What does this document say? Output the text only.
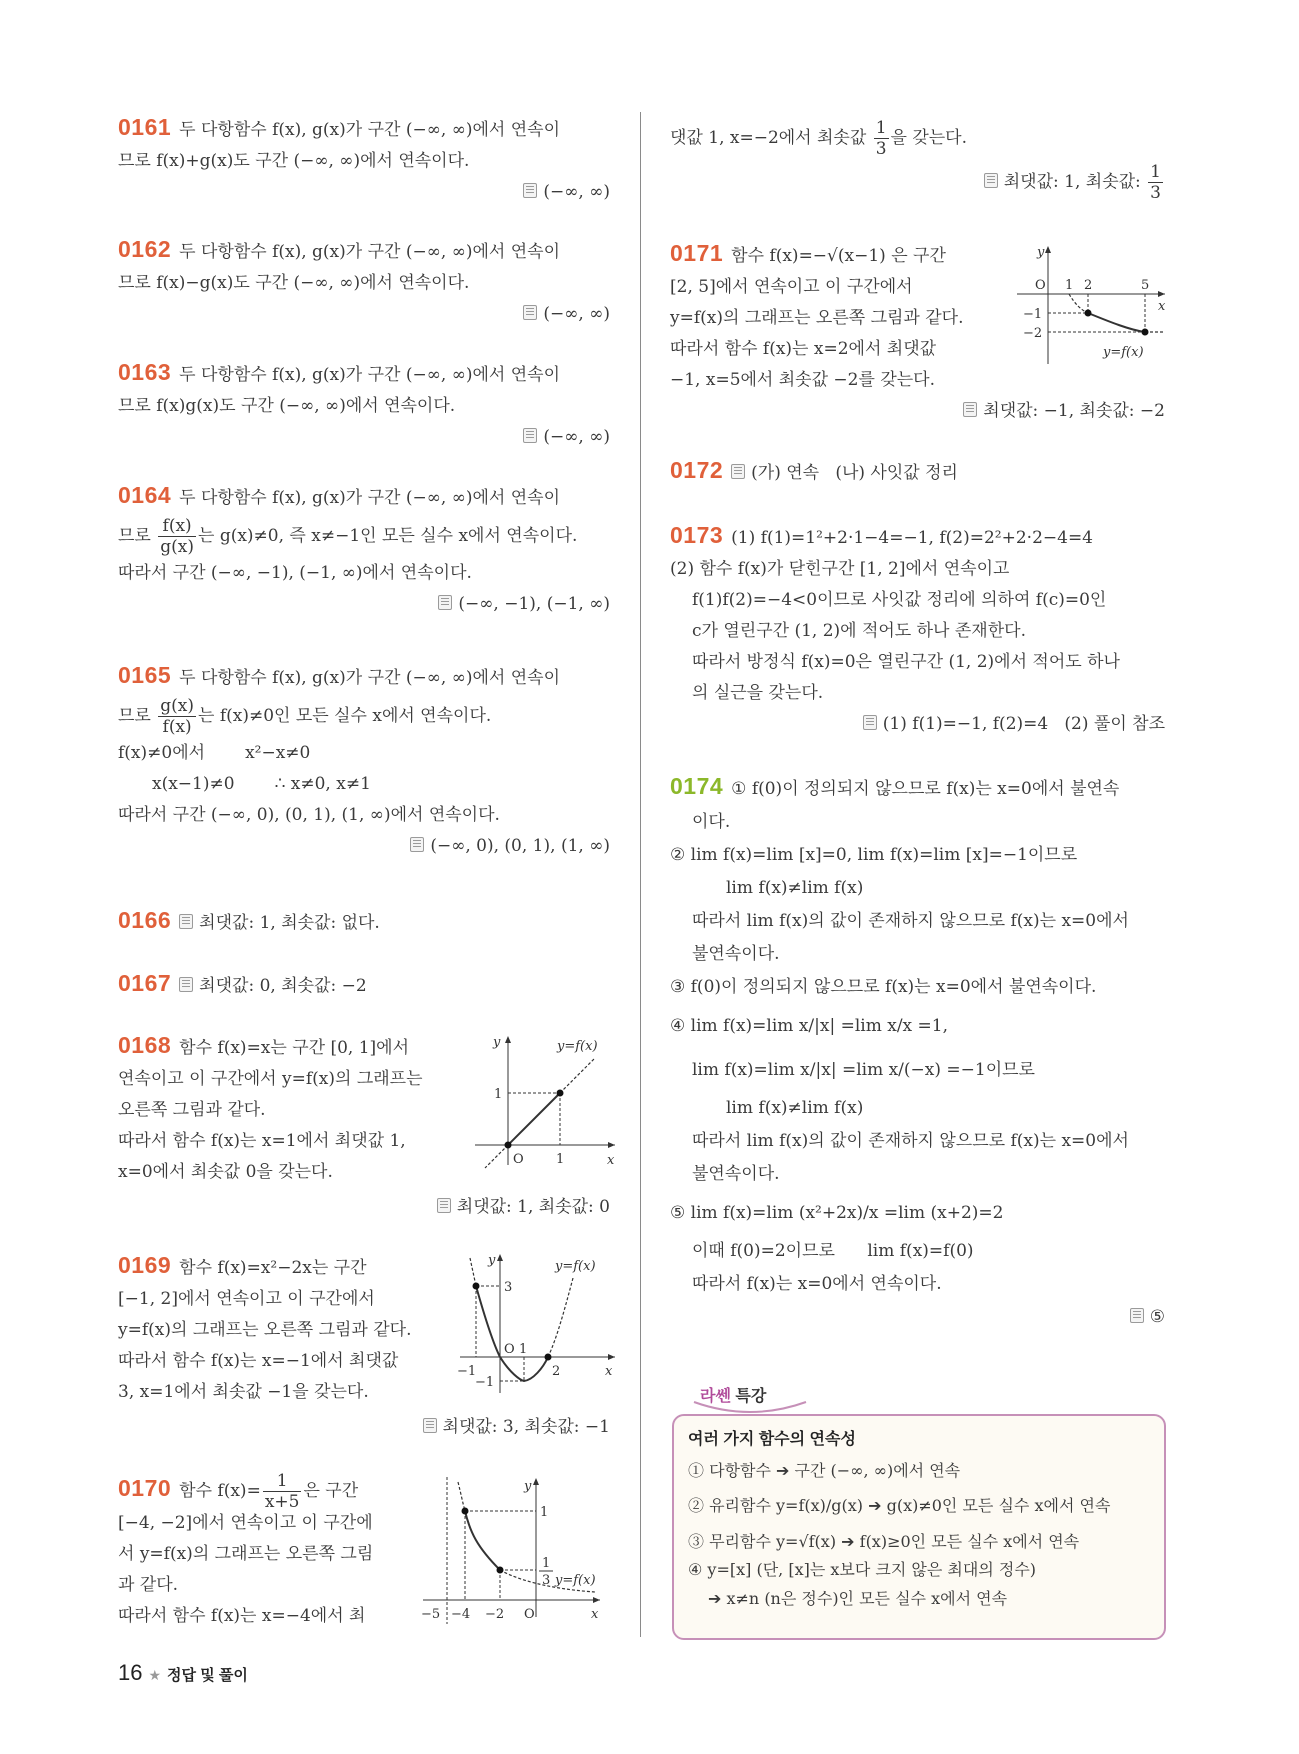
0161 두 다항함수 f(x), g(x)가 구간 (−∞, ∞)에서 연속이
므로 f(x)+g(x)도 구간 (−∞, ∞)에서 연속이다.
(−∞, ∞)
0162 두 다항함수 f(x), g(x)가 구간 (−∞, ∞)에서 연속이
므로 f(x)−g(x)도 구간 (−∞, ∞)에서 연속이다.
(−∞, ∞)
0163 두 다항함수 f(x), g(x)가 구간 (−∞, ∞)에서 연속이
므로 f(x)g(x)도 구간 (−∞, ∞)에서 연속이다.
(−∞, ∞)
0164 두 다항함수 f(x), g(x)가 구간 (−∞, ∞)에서 연속이
므로 $\frac{f(x)}{g(x)}$ 는 g(x)≠0, 즉 x≠−1인 모든 실수 x에서 연속이다.
따라서 구간 (−∞, −1), (−1, ∞)에서 연속이다.
(−∞, −1), (−1, ∞)
0165 두 다항함수 f(x), g(x)가 구간 (−∞, ∞)에서 연속이
므로 $\frac{g(x)}{f(x)}$ 는 f(x)≠0인 모든 실수 x에서 연속이다.
f(x)≠0에서 x²−x≠0
x(x−1)≠0 ∴ x≠0, x≠1
따라서 구간 (−∞, 0), (0, 1), (1, ∞)에서 연속이다.
(−∞, 0), (0, 1), (1, ∞)
0166 최댓값: 1, 최솟값: 없다.
0167 최댓값: 0, 최솟값: −2
0168 함수 f(x)=x는 구간 [0, 1]에서
연속이고 이 구간에서 y=f(x)의 그래프는
오른쪽 그림과 같다.
따라서 함수 f(x)는 x=1에서 최댓값 1,
x=0에서 최솟값 0을 갖는다.
최댓값: 1, 최솟값: 0
0169 함수 f(x)=x²−2x는 구간
[−1, 2]에서 연속이고 이 구간에서
y=f(x)의 그래프는 오른쪽 그림과 같다.
따라서 함수 f(x)는 x=−1에서 최댓값
3, x=1에서 최솟값 −1을 갖는다.
최댓값: 3, 최솟값: −1
0170 함수 $f(x)= \frac{1}{x+5}$ 은 구간
[−4, −2]에서 연속이고 이 구간에
서 y=f(x)의 그래프는 오른쪽 그림
과 같다.
따라서 함수 f(x)는 x=−4에서 최
y
x
O 1
1
y=f(x)
y
x
O
−1
1
2
3
−1
y=f(x)
y
x
O
−5 −4 −2
1
1
3 y=f(x)
댓값 1, x=−2에서 최솟값 $\frac{1}{3}$ 을 갖는다.
최댓값: 1, 최솟값: $\frac{1}{3}$
0171 함수 f(x)=−√(x−1) 은 구간
[2, 5]에서 연속이고 이 구간에서
y=f(x)의 그래프는 오른쪽 그림과 같다.
따라서 함수 f(x)는 x=2에서 최댓값
−1, x=5에서 최솟값 −2를 갖는다.
최댓값: −1, 최솟값: −2
0172 (가) 연속   (나) 사잇값 정리
0173 (1) f(1)=1²+2·1−4=−1, f(2)=2²+2·2−4=4
(2) 함수 f(x)가 닫힌구간 [1, 2]에서 연속이고
f(1)f(2)=−4<0이므로 사잇값 정리에 의하여 f(c)=0인
c가 열린구간 (1, 2)에 적어도 하나 존재한다.
따라서 방정식 f(x)=0은 열린구간 (1, 2)에서 적어도 하나
의 실근을 갖는다.
(1) f(1)=−1, f(2)=4   (2) 풀이 참조
0174 ① f(0)이 정의되지 않으므로 f(x)는 x=0에서 불연속
이다.
② lim f(x)=lim [x]=0, lim f(x)=lim [x]=−1이므로
lim f(x)≠lim f(x)
따라서 lim f(x)의 값이 존재하지 않으므로 f(x)는 x=0에서
불연속이다.
③ f(0)이 정의되지 않으므로 f(x)는 x=0에서 불연속이다.
④ lim f(x)=lim x/|x| =lim x/x =1,
lim f(x)=lim x/|x| =lim x/(−x) =−1이므로
lim f(x)≠lim f(x)
따라서 lim f(x)의 값이 존재하지 않으므로 f(x)는 x=0에서
불연속이다.
⑤ lim f(x)=lim (x²+2x)/x =lim (x+2)=2
이때 f(0)=2이므로      lim f(x)=f(0)
따라서 f(x)는 x=0에서 연속이다.
⑤
y
x
O 1 2	5
−1
−2
y=f(x)
라쎈 특강
여러 가지 함수의 연속성
① 다항함수 ➔ 구간 (−∞, ∞)에서 연속
② 유리함수 y=f(x)/g(x) ➔ g(x)≠0인 모든 실수 x에서 연속
③ 무리함수 y=√f(x) ➔ f(x)≥0인 모든 실수 x에서 연속
④ y=[x] (단, [x]는 x보다 크지 않은 최대의 정수)
➔ x≠n (n은 정수)인 모든 실수 x에서 연속
16 ★ 정답 및 풀이
